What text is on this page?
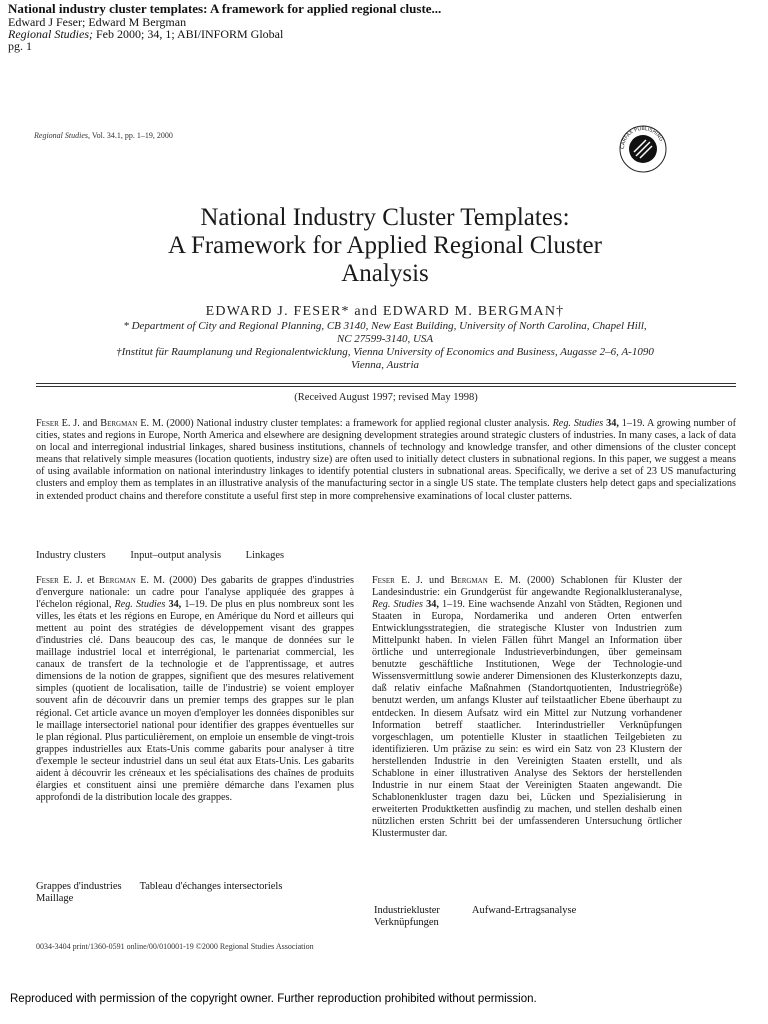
National industry cluster templates: A framework for applied regional cluste...
Edward J Feser; Edward M Bergman
Regional Studies; Feb 2000; 34, 1; ABI/INFORM Global
pg. 1
Regional Studies, Vol. 34.1, pp. 1–19, 2000
CARFAX PUBLISHING
National Industry Cluster Templates:
A Framework for Applied Regional Cluster
Analysis
EDWARD J. FESER* and EDWARD M. BERGMAN†
* Department of City and Regional Planning, CB 3140, New East Building, University of North Carolina, Chapel Hill,
NC 27599-3140, USA
†Institut für Raumplanung und Regionalentwicklung, Vienna University of Economics and Business, Augasse 2–6, A-1090
Vienna, Austria
(Received August 1997; revised May 1998)
Feser E. J. and Bergman E. M. (2000) National industry cluster templates: a framework for applied regional cluster analysis. Reg. Studies 34, 1–19. A growing number of cities, states and regions in Europe, North America and elsewhere are designing development strategies around strategic clusters of industries. In many cases, a lack of data on local and interregional industrial linkages, shared business institutions, channels of technology and knowledge transfer, and other dimensions of the cluster concept means that relatively simple measures (location quotients, industry size) are often used to initially detect clusters in subnational regions. In this paper, we suggest a means of using available information on national interindustry linkages to identify potential clusters in subnational areas. Specifically, we derive a set of 23 US manufacturing clusters and employ them as templates in an illustrative analysis of the manufacturing sector in a single US state. The template clusters help detect gaps and specializations in extended product chains and therefore constitute a useful first step in more comprehensive examinations of local cluster patterns.
Industry clusters Input–output analysis Linkages
Feser E. J. et Bergman E. M. (2000) Des gabarits de grappes d'industries d'envergure nationale: un cadre pour l'analyse appliquée des grappes à l'échelon régional, Reg. Studies 34, 1–19. De plus en plus nombreux sont les villes, les états et les régions en Europe, en Amérique du Nord et ailleurs qui mettent au point des stratégies de développement visant des grappes d'industries clé. Dans beaucoup des cas, le manque de données sur le maillage industriel local et interrégional, le partenariat commercial, les canaux de transfert de la technologie et de l'apprentissage, et autres dimensions de la notion de grappes, signifient que des mesures relativement simples (quotient de localisation, taille de l'industrie) se voient employer souvent afin de découvrir dans un premier temps des grappes sur le plan régional. Cet article avance un moyen d'employer les données disponibles sur le maillage intersectoriel national pour identifier des grappes éventuelles sur le plan régional. Plus particulièrement, on emploie un ensemble de vingt-trois grappes industrielles aux Etats-Unis comme gabarits pour analyser à titre d'exemple le secteur industriel dans un seul état aux Etats-Unis. Les gabarits aident à découvrir les créneaux et les spécialisations des chaînes de produits élargies et constituent ainsi une première démarche dans l'examen plus approfondi de la distribution locale des grappes.
Feser E. J. und Bergman E. M. (2000) Schablonen für Kluster der Landesindustrie: ein Grundgerüst für angewandte Regionalklusteranalyse, Reg. Studies 34, 1–19. Eine wachsende Anzahl von Städten, Regionen und Staaten in Europa, Nordamerika und anderen Orten entwerfen Entwicklungsstrategien, die strategische Kluster von Industrien zum Mittelpunkt haben. In vielen Fällen führt Mangel an Information über örtliche und unterregionale Industrieverbindungen, über gemeinsam benutzte geschäftliche Institutionen, Wege der Technologie-und Wissensvermittlung sowie anderer Dimensionen des Klusterkonzepts dazu, daß relativ einfache Maßnahmen (Standortquotienten, Industriegröße) benutzt werden, um anfangs Kluster auf teilstaatlicher Ebene überhaupt zu entdecken. In diesem Aufsatz wird ein Mittel zur Nutzung vorhandener Information betreff staatlicher. Interindustrieller Verknüpfungen vorgeschlagen, um potentielle Kluster in staatlichen Teilgebieten zu identifizieren. Um präzise zu sein: es wird ein Satz von 23 Klustern der herstellenden Industrie in den Vereinigten Staaten erstellt, und als Schablone in einer illustrativen Analyse des Sektors der herstellenden Industrie in nur einem Staat der Vereinigten Staaten angewandt. Die Schablonenkluster tragen dazu bei, Lücken und Spezialisierung in erweiterten Produktketten ausfindig zu machen, und stellen deshalb einen nützlichen ersten Schritt bei der umfassenderen Untersuchung örtlicher Klustermuster dar.
Grappes d'industries Tableau d'échanges intersectoriels
Maillage
Industriekluster	Aufwand-Ertragsanalyse
Verknüpfungen
0034-3404 print/1360-0591 online/00/010001-19 ©2000 Regional Studies Association
Reproduced with permission of the copyright owner. Further reproduction prohibited without permission.
